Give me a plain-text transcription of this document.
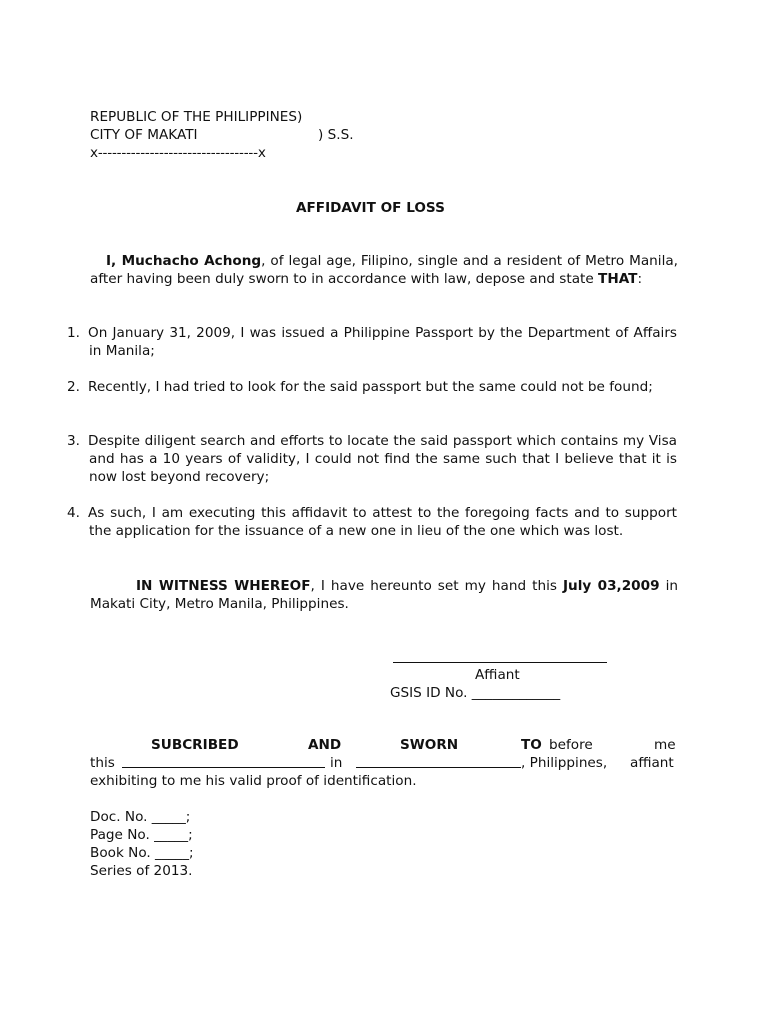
REPUBLIC OF THE PHILIPPINES)
CITY OF MAKATI	) S.S.
x----------------------------------x
AFFIDAVIT OF LOSS
I, Muchacho Achong, of legal age, Filipino, single and a resident of Metro Manila, after having been duly sworn to in accordance with law, depose and state THAT:
1. On January 31, 2009, I was issued a Philippine Passport by the Department of Affairs in Manila;
2. Recently, I had tried to look for the said passport but the same could not be found;
3. Despite diligent search and efforts to locate the said passport which contains my Visa and has a 10 years of validity, I could not find the same such that I believe that it is now lost beyond recovery;
4. As such, I am executing this affidavit to attest to the foregoing facts and to support the application for the issuance of a new one in lieu of the one which was lost.
IN WITNESS WHEREOF, I have hereunto set my hand this July 03,2009 in Makati City, Metro Manila, Philippines.
Affiant
GSIS ID No. _____________
SUBCRIBED	AND	SWORN	TO before	me
this	in	, Philippines, affiant
exhibiting to me his valid proof of identification.
Doc. No. _____;
Page No. _____;
Book No. _____;
Series of 2013.
